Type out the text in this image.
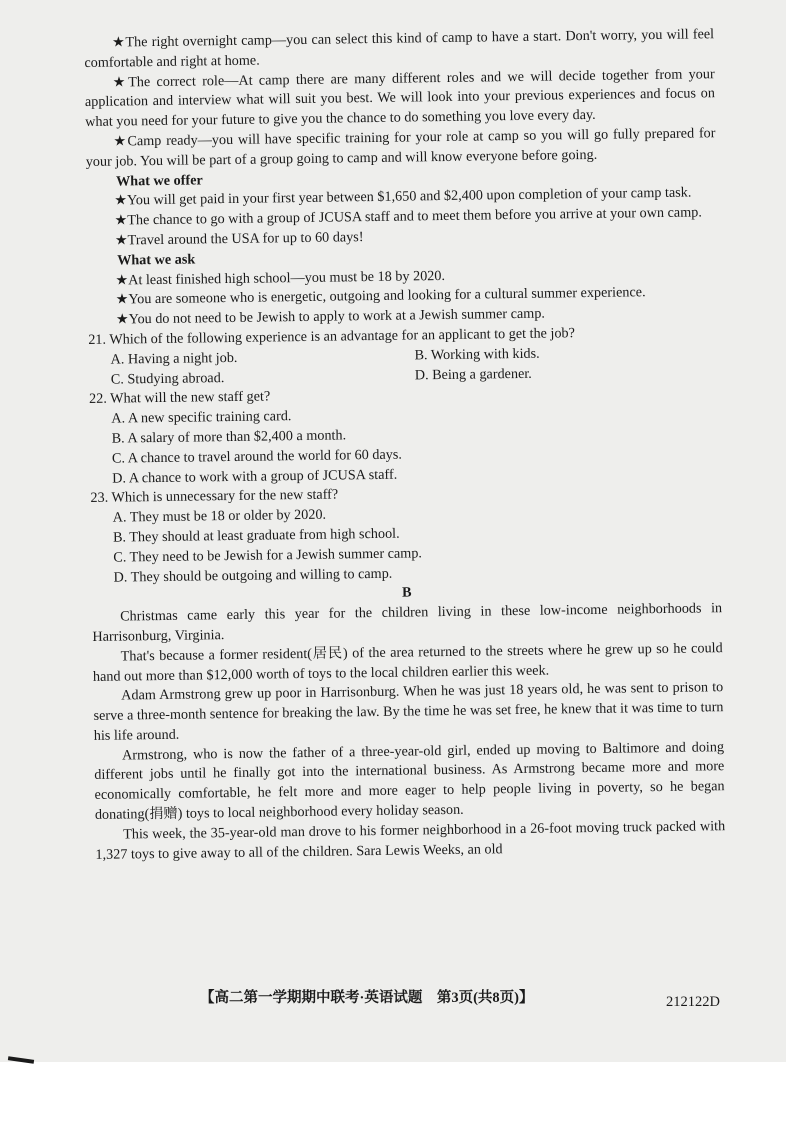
★The right overnight camp—you can select this kind of camp to have a start. Don't worry, you will feel comfortable and right at home.

★The correct role—At camp there are many different roles and we will decide together from your application and interview what will suit you best. We will look into your previous experiences and focus on what you need for your future to give you the chance to do something you love every day.

★Camp ready—you will have specific training for your role at camp so you will go fully prepared for your job. You will be part of a group going to camp and will know everyone before going.

What we offer

★You will get paid in your first year between $1,650 and $2,400 upon completion of your camp task.

★The chance to go with a group of JCUSA staff and to meet them before you arrive at your own camp.

★Travel around the USA for up to 60 days!

What we ask

★At least finished high school—you must be 18 by 2020.

★You are someone who is energetic, outgoing and looking for a cultural summer experience.

★You do not need to be Jewish to apply to work at a Jewish summer camp.

21. Which of the following experience is an advantage for an applicant to get the job?

A. Having a night job.	B. Working with kids.
C. Studying abroad.	D. Being a gardener.

22. What will the new staff get?

A. A new specific training card.

B. A salary of more than $2,400 a month.

C. A chance to travel around the world for 60 days.

D. A chance to work with a group of JCUSA staff.

23. Which is unnecessary for the new staff?

A. They must be 18 or older by 2020.

B. They should at least graduate from high school.

C. They need to be Jewish for a Jewish summer camp.

D. They should be outgoing and willing to camp.

B

Christmas came early this year for the children living in these low-income neighborhoods in Harrisonburg, Virginia.

That's because a former resident(居民) of the area returned to the streets where he grew up so he could hand out more than $12,000 worth of toys to the local children earlier this week.

Adam Armstrong grew up poor in Harrisonburg. When he was just 18 years old, he was sent to prison to serve a three-month sentence for breaking the law. By the time he was set free, he knew that it was time to turn his life around.

Armstrong, who is now the father of a three-year-old girl, ended up moving to Baltimore and doing different jobs until he finally got into the international business. As Armstrong became more and more economically comfortable, he felt more and more eager to help people living in poverty, so he began donating(捐赠) toys to local neighborhood every holiday season.

This week, the 35-year-old man drove to his former neighborhood in a 26-foot moving truck packed with 1,327 toys to give away to all of the children. Sara Lewis Weeks, an old

【高二第一学期期中联考·英语试题　第3页(共8页)】	212122D
